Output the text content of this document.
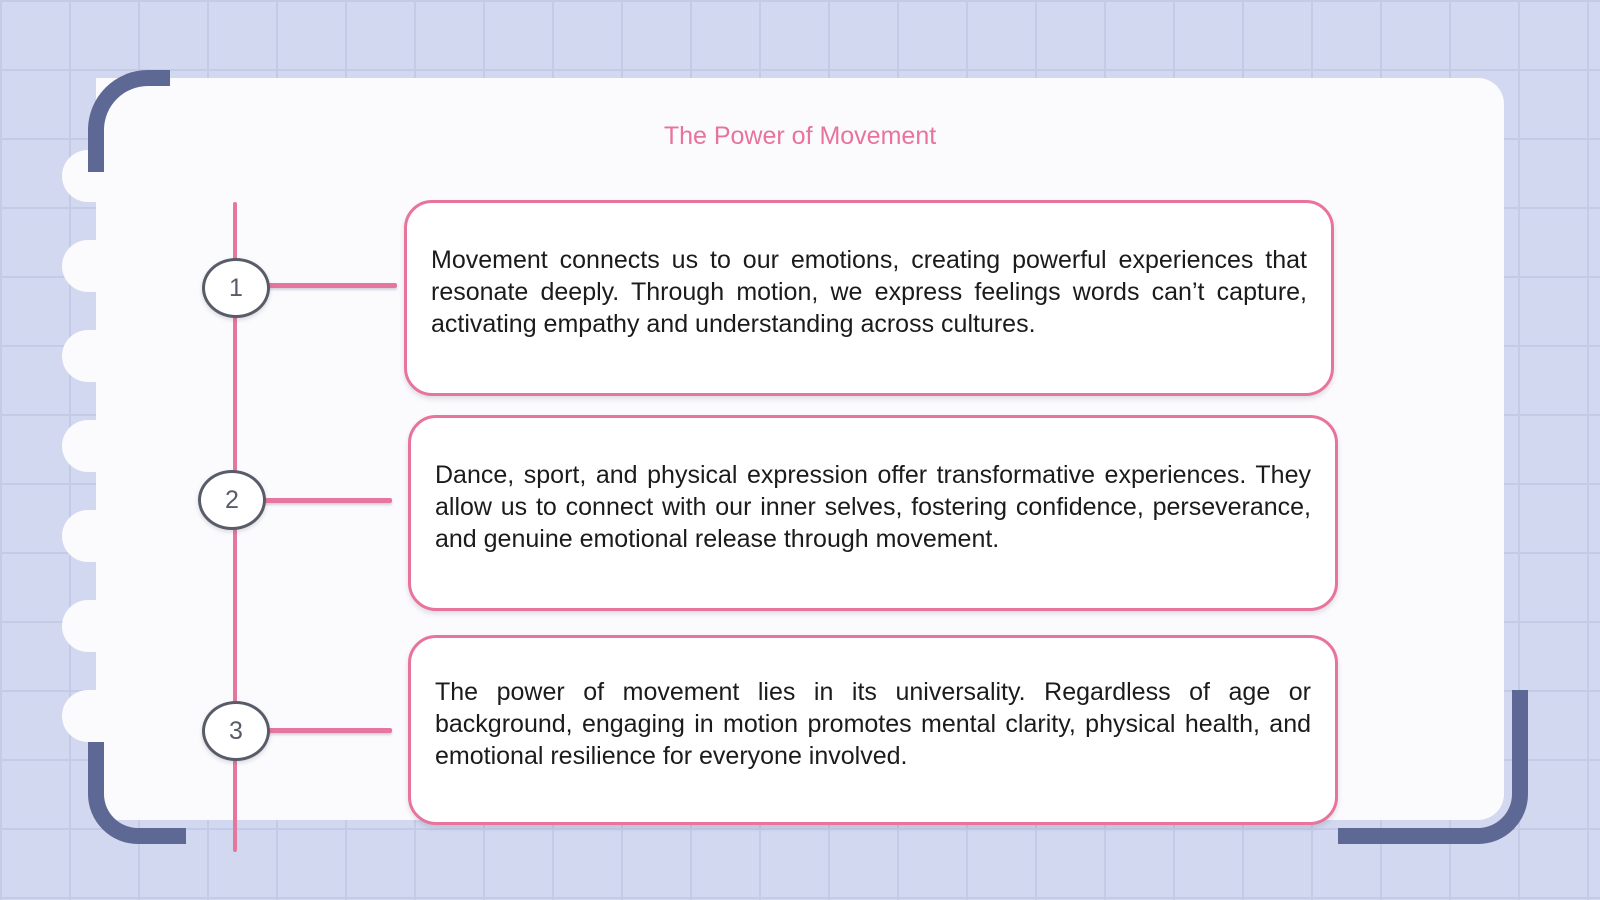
The Power of Movement
1
2
3

Movement connects us to our emotions, creating powerful experiences that resonate deeply. Through motion, we express feelings words can’t capture, activating empathy and understanding across cultures.

Dance, sport, and physical expression offer transformative experiences. They allow us to connect with our inner selves, fostering confidence, perseverance, and genuine emotional release through movement.

The power of movement lies in its universality. Regardless of age or background, engaging in motion promotes mental clarity, physical health, and emotional resilience for everyone involved.
